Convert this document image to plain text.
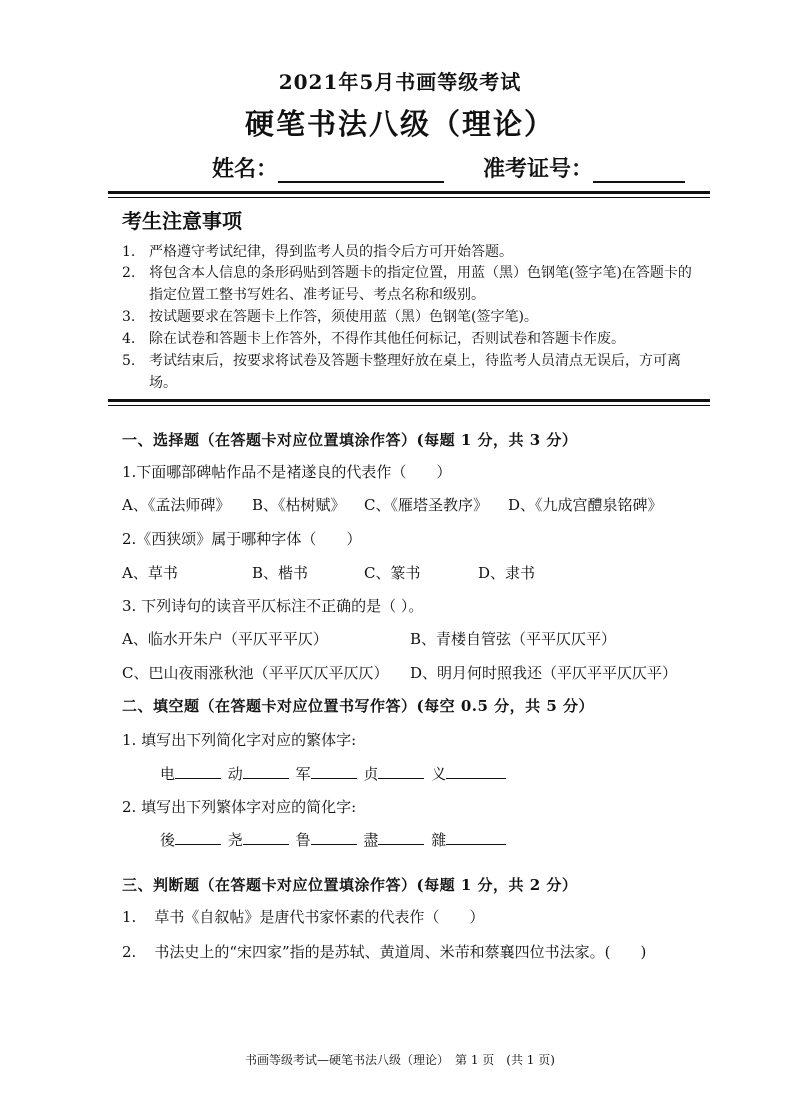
2021年5月书画等级考试
硬笔书法八级（理论）
姓名：	准考证号：
考生注意事项
1. 严格遵守考试纪律，得到监考人员的指令后方可开始答题。
2. 将包含本人信息的条形码贴到答题卡的指定位置，用蓝（黑）色钢笔(签字笔)在答题卡的指定位置工整书写姓名、准考证号、考点名称和级别。
3. 按试题要求在答题卡上作答，须使用蓝（黑）色钢笔(签字笔)。
4. 除在试卷和答题卡上作答外，不得作其他任何标记，否则试卷和答题卡作废。
5. 考试结束后，按要求将试卷及答题卡整理好放在桌上，待监考人员清点无误后，方可离场。
一、选择题（在答题卡对应位置填涂作答）(每题 1 分，共 3 分）
1.下面哪部碑帖作品不是褚遂良的代表作（　　）
A、《孟法师碑》 B、《枯树赋》 C、《雁塔圣教序》 D、《九成宫醴泉铭碑》
2.《西狭颂》属于哪种字体（　　）
A、草书	B、楷书	C、篆书	D、隶书
3. 下列诗句的读音平仄标注不正确的是（ ）。
A、临水开朱户（平仄平平仄）	B、青楼自管弦（平平仄仄平）
C、巴山夜雨涨秋池（平平仄仄平仄仄） D、明月何时照我还（平仄平平仄仄平）
二、填空题（在答题卡对应位置书写作答）(每空 0.5 分，共 5 分）
1. 填写出下列简化字对应的繁体字:
电	动	军	贞	义
2. 填写出下列繁体字对应的简化字:
後	尧	鲁	盡	雜
三、判断题（在答题卡对应位置填涂作答）(每题 1 分，共 2 分）
1. 草书《自叙帖》是唐代书家怀素的代表作（　　）
2. 书法史上的“宋四家”指的是苏轼、黄道周、米芾和蔡襄四位书法家。(　　)
书画等级考试—硬笔书法八级（理论）　第 1 页　(共 1 页)
